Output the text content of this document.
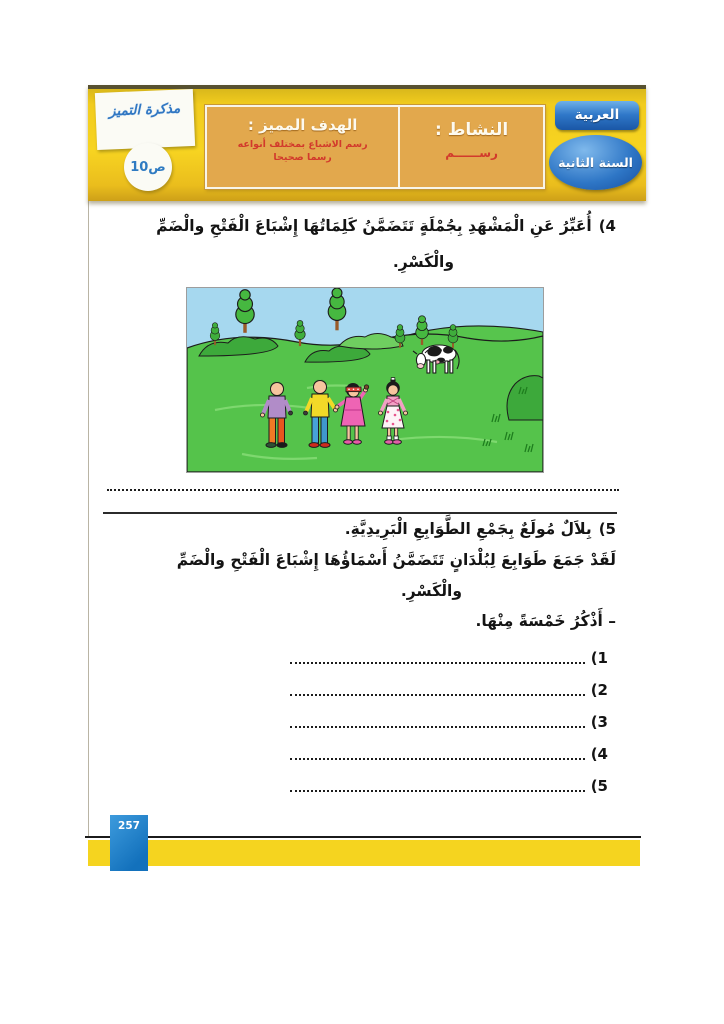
مذكرة التميز
ص10
الهدف المميز :
رسم الاشباع بمختلف أنواعه
رسما صحيحا
النشاط :
رســــــم
العربية
السنة الثانية
(4
أُعَبِّرُ عَنِ الْمَشْهَدِ بِجُمْلَةٍ تَتَضَمَّنُ كَلِمَاتُهَا إِشْبَاعَ الْفَتْحِ والْضَمِّ
والْكَسْرِ.
(5
بِلاَلٌ مُولَعٌ بِجَمْعِ الطَّوَابِعِ الْبَرِيدِيَّةِ.
لَقَدْ جَمَعَ طَوَابِعَ لِبُلْدَانٍ تَتَضَمَّنُ أَسْمَاؤُهَا إِشْبَاعَ الْفَتْحِ والْضَمِّ
والْكَسْرِ.
– أَذْكُرُ خَمْسَةً مِنْهَا.
(1
(2
(3
(4
(5
257
